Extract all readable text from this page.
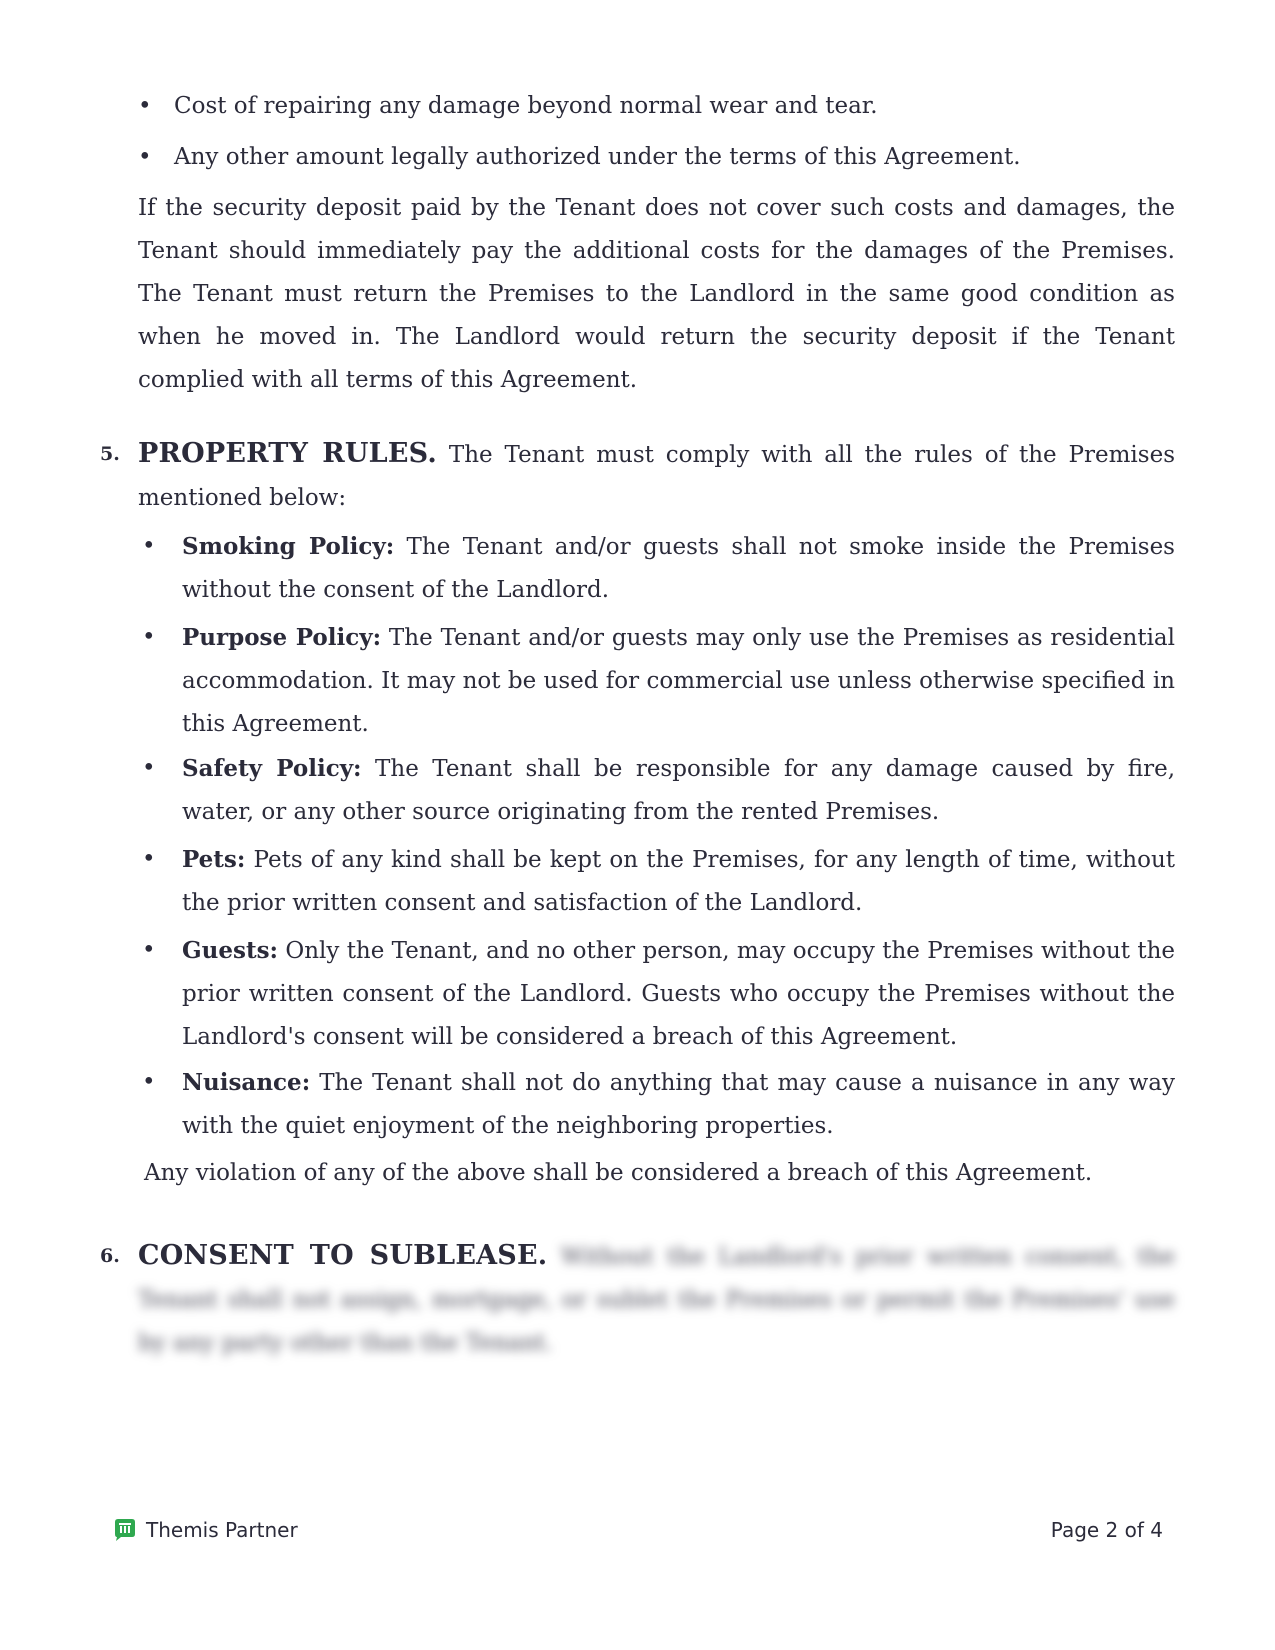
• Cost of repairing any damage beyond normal wear and tear.
• Any other amount legally authorized under the terms of this Agreement.
If the security deposit paid by the Tenant does not cover such costs and damages, the Tenant should immediately pay the additional costs for the damages of the Premises. The Tenant must return the Premises to the Landlord in the same good condition as when he moved in. The Landlord would return the security deposit if the Tenant complied with all terms of this Agreement.
5. PROPERTY RULES. The Tenant must comply with all the rules of the Premises mentioned below:
•	Smoking Policy: The Tenant and/or guests shall not smoke inside the Premises without the consent of the Landlord.
•	Purpose Policy: The Tenant and/or guests may only use the Premises as residential accommodation. It may not be used for commercial use unless otherwise specified in this Agreement.
•	Safety Policy: The Tenant shall be responsible for any damage caused by fire, water, or any other source originating from the rented Premises.
•	Pets: Pets of any kind shall be kept on the Premises, for any length of time, without the prior written consent and satisfaction of the Landlord.
•	Guests: Only the Tenant, and no other person, may occupy the Premises without the prior written consent of the Landlord. Guests who occupy the Premises without the Landlord's consent will be considered a breach of this Agreement.
•	Nuisance: The Tenant shall not do anything that may cause a nuisance in any way with the quiet enjoyment of the neighboring properties.
Any violation of any of the above shall be considered a breach of this Agreement.
6. CONSENT TO SUBLEASE. Without the Landlord's prior written consent, the Tenant shall not assign, mortgage, or sublet the Premises or permit the Premises' use by any party other than the Tenant.
Themis Partner	Page 2 of 4
